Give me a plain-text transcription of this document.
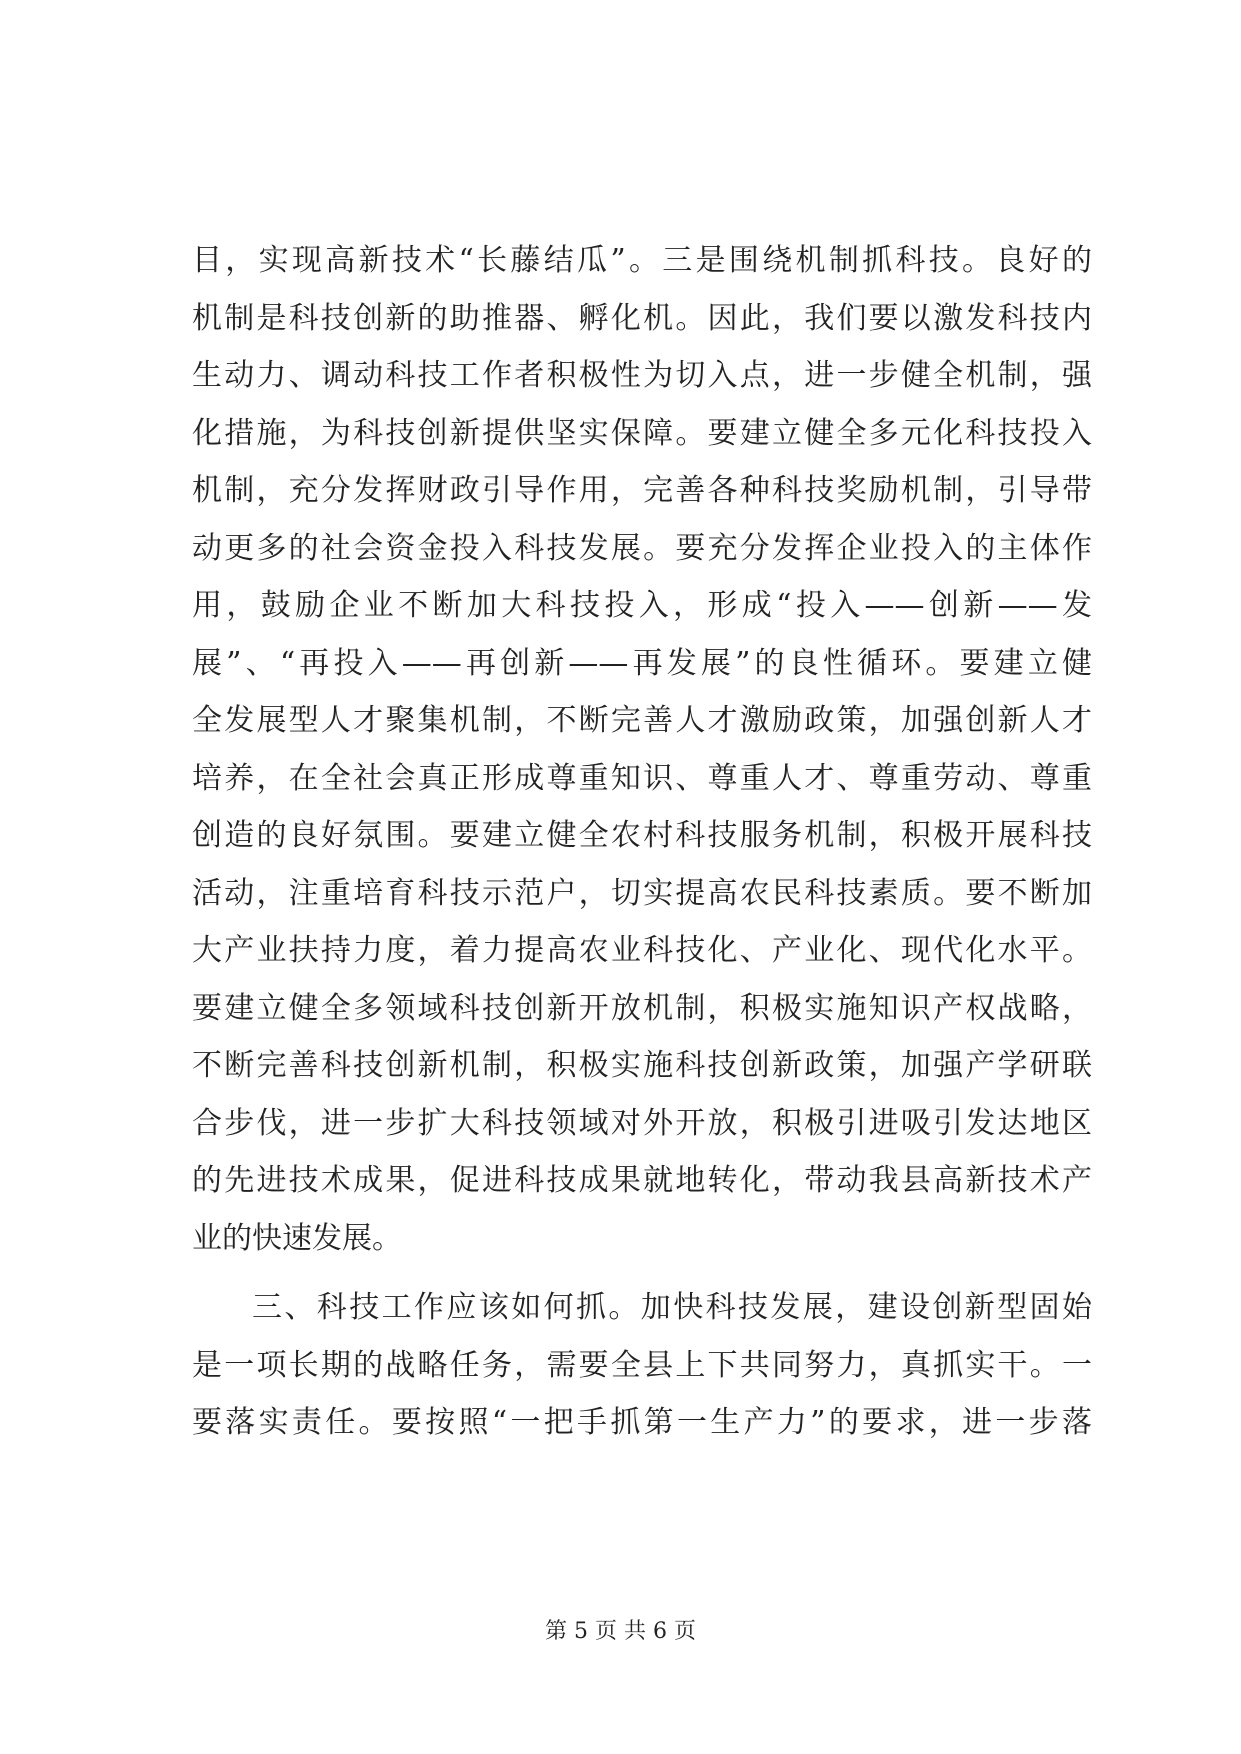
目，实现高新技术“长藤结瓜”。三是围绕机制抓科技。良好的
机制是科技创新的助推器、孵化机。因此，我们要以激发科技内
生动力、调动科技工作者积极性为切入点，进一步健全机制，强
化措施，为科技创新提供坚实保障。要建立健全多元化科技投入
机制，充分发挥财政引导作用，完善各种科技奖励机制，引导带
动更多的社会资金投入科技发展。要充分发挥企业投入的主体作
用，鼓励企业不断加大科技投入，形成“投入——创新——发
展”、“再投入——再创新——再发展”的良性循环。要建立健
全发展型人才聚集机制，不断完善人才激励政策，加强创新人才
培养，在全社会真正形成尊重知识、尊重人才、尊重劳动、尊重
创造的良好氛围。要建立健全农村科技服务机制，积极开展科技
活动，注重培育科技示范户，切实提高农民科技素质。要不断加
大产业扶持力度，着力提高农业科技化、产业化、现代化水平。
要建立健全多领域科技创新开放机制，积极实施知识产权战略，
不断完善科技创新机制，积极实施科技创新政策，加强产学研联
合步伐，进一步扩大科技领域对外开放，积极引进吸引发达地区
的先进技术成果，促进科技成果就地转化，带动我县高新技术产
业的快速发展。
三、科技工作应该如何抓。加快科技发展，建设创新型固始
是一项长期的战略任务，需要全县上下共同努力，真抓实干。一
要落实责任。要按照“一把手抓第一生产力”的要求，进一步落
第 5 页 共 6 页
